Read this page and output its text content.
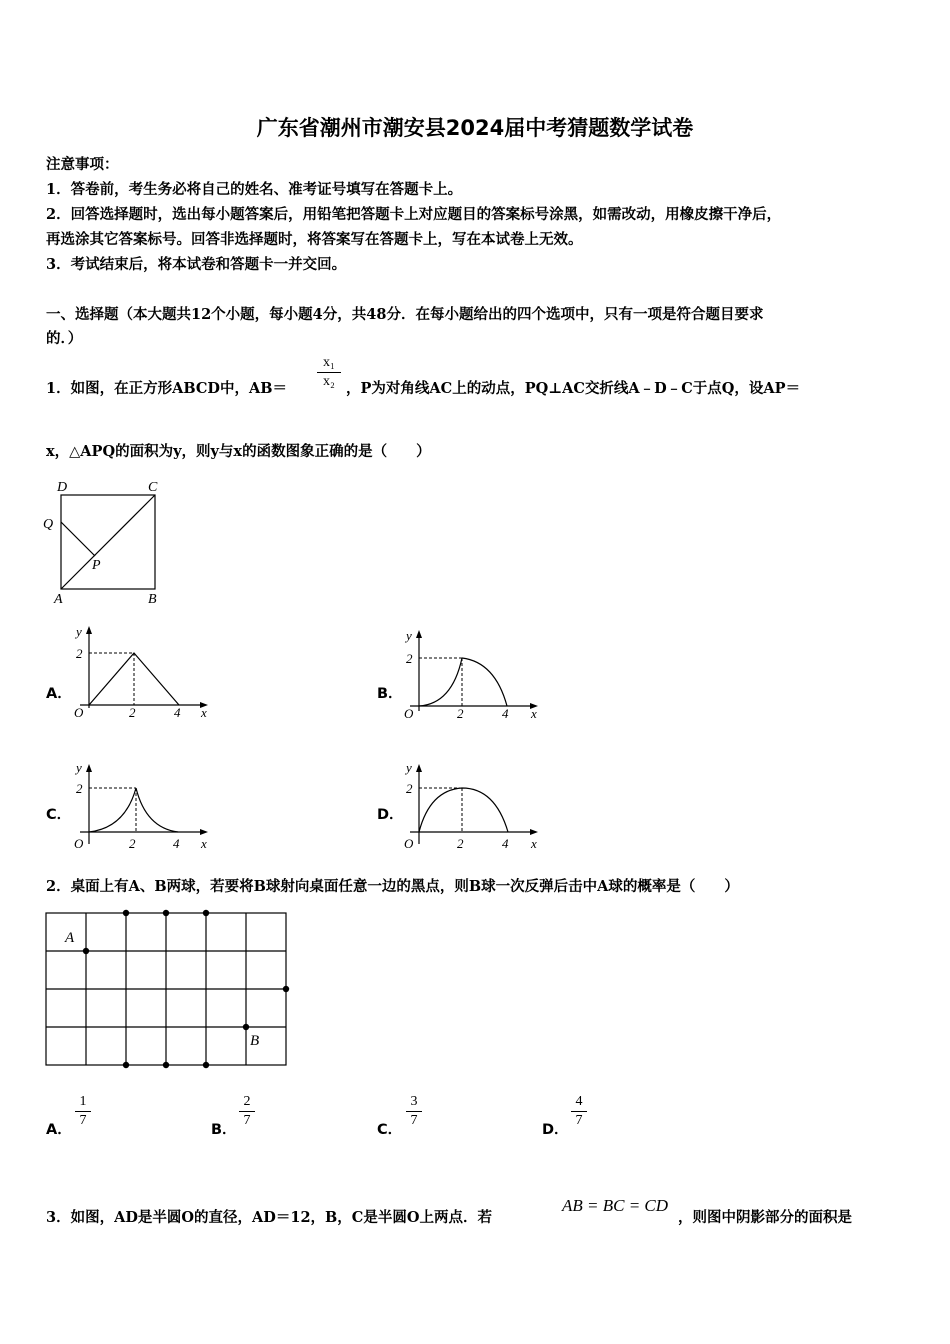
广东省潮州市潮安县2024届中考猜题数学试卷
注意事项：
1．答卷前，考生务必将自己的姓名、准考证号填写在答题卡上。
2．回答选择题时，选出每小题答案后，用铅笔把答题卡上对应题目的答案标号涂黑，如需改动，用橡皮擦干净后，
再选涂其它答案标号。回答非选择题时，将答案写在答题卡上，写在本试卷上无效。
3．考试结束后，将本试卷和答题卡一并交回。
一、选择题（本大题共12个小题，每小题4分，共48分．在每小题给出的四个选项中，只有一项是符合题目要求
的．）
1．如图，在正方形ABCD中，$AB= \frac{\text{x₁}}{\text{x₂}}$ ，P为对角线AC上的动点，PQ⊥AC交折线A﹣D﹣C于点Q，设AP＝
x，△APQ的面积为y，则y与x的函数图象正确的是（　　）
D	C
Q
P
A	B
A．
y
2
O	2	4 x
B．
y
2
O	2	4 x
C．
y
2
O	2	4 x
D．
y
2
O	2	4 x
2．桌面上有A、B两球，若要将B球射向桌面任意一边的黑点，则B球一次反弹后击中A球的概率是（　　）
A
B
A． $\frac{1}{7}$	B． $\frac{2}{7}$	C． $\frac{3}{7}$	D． $\frac{4}{7}$
3．如图，AD是半圆O的直径，AD＝12，B，C是半圆O上两点．若
AB = BC = CD
，则图中阴影部分的面积是
